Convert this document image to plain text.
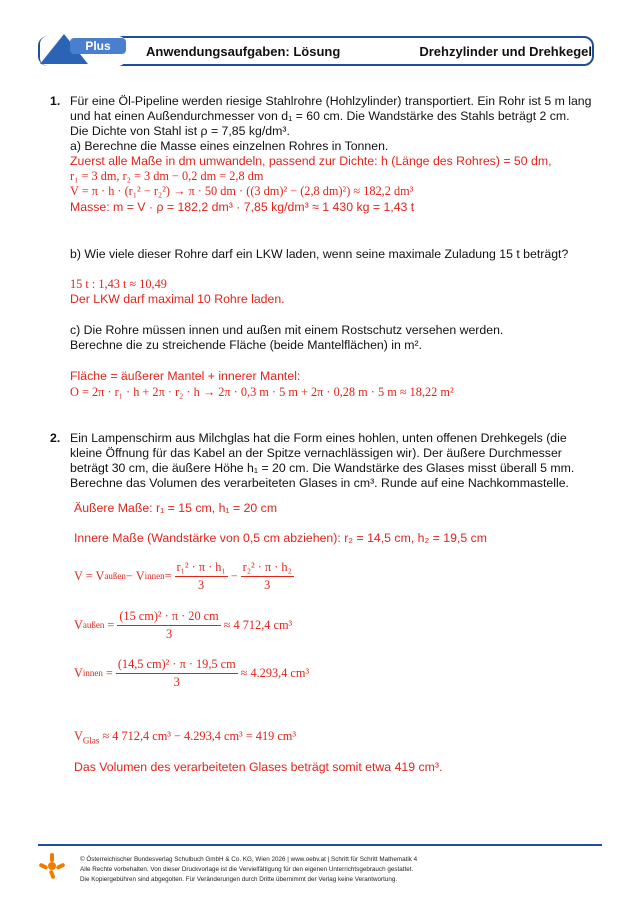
Plus	Anwendungsaufgaben: Lösung	Drehzylinder und Drehkegel
1. Für eine Öl-Pipeline werden riesige Stahlrohre (Hohlzylinder) transportiert. Ein Rohr ist 5 m lang
und hat einen Außendurchmesser von d₁ = 60 cm. Die Wandstärke des Stahls beträgt 2 cm.
Die Dichte von Stahl ist ρ = 7,85 kg/dm³.
a) Berechne die Masse eines einzelnen Rohres in Tonnen.
Zuerst alle Maße in dm umwandeln, passend zur Dichte: h (Länge des Rohres) = 50 dm,
r₁ = 3 dm, r₂ = 3 dm − 0,2 dm = 2,8 dm
V = π · h · (r₁² − r₂²) → π · 50 dm · ((3 dm)² − (2,8 dm)²) ≈ 182,2 dm³
Masse: m = V · ρ = 182,2 dm³ · 7,85 kg/dm³ ≈ 1 430 kg = 1,43 t
b) Wie viele dieser Rohre darf ein LKW laden, wenn seine maximale Zuladung 15 t beträgt?
15 t : 1,43 t ≈ 10,49
Der LKW darf maximal 10 Rohre laden.
c) Die Rohre müssen innen und außen mit einem Rostschutz versehen werden.
Berechne die zu streichende Fläche (beide Mantelflächen) in m².
Fläche = äußerer Mantel + innerer Mantel:
O = 2π · r₁ · h + 2π · r₂ · h → 2π · 0,3 m · 5 m + 2π · 0,28 m · 5 m ≈ 18,22 m²
2. Ein Lampenschirm aus Milchglas hat die Form eines hohlen, unten offenen Drehkegels (die
kleine Öffnung für das Kabel an der Spitze vernachlässigen wir). Der äußere Durchmesser
beträgt 30 cm, die äußere Höhe h₁ = 20 cm. Die Wandstärke des Glases misst überall 5 mm.
Berechne das Volumen des verarbeiteten Glases in cm³. Runde auf eine Nachkommastelle.
Äußere Maße: r₁ = 15 cm, h₁ = 20 cm
Innere Maße (Wandstärke von 0,5 cm abziehen): r₂ = 14,5 cm, h₂ = 19,5 cm
V = V außen − V innen = $\frac{\text{r₁² · π · h₁}}{3} - \frac{\text{r₂² · π · h₂}}{3}$
V außen = $\frac{\text{(15 cm)² · π · 20 cm}}{3} \approx 4$ 712,4 cm³
V innen = $\frac{\text{(14,5 cm)² · π · 19,5 cm}}{3} \approx 4.293,4$ cm³
$V_{Glas} \approx 4$ 712,4 cm³ − 4.293,4 cm³ = 419 cm³
Das Volumen des verarbeiteten Glases beträgt somit etwa 419 cm³.
© Österreichischer Bundesverlag Schulbuch GmbH & Co. KG, Wien 2026 | www.oebv.at | Schritt für Schritt Mathematik 4
Alle Rechte vorbehalten. Von dieser Druckvorlage ist die Vervielfältigung für den eigenen Unterrichtsgebrauch gestattet.
Die Kopiergebühren sind abgegolten. Für Veränderungen durch Dritte übernimmt der Verlag keine Verantwortung.
